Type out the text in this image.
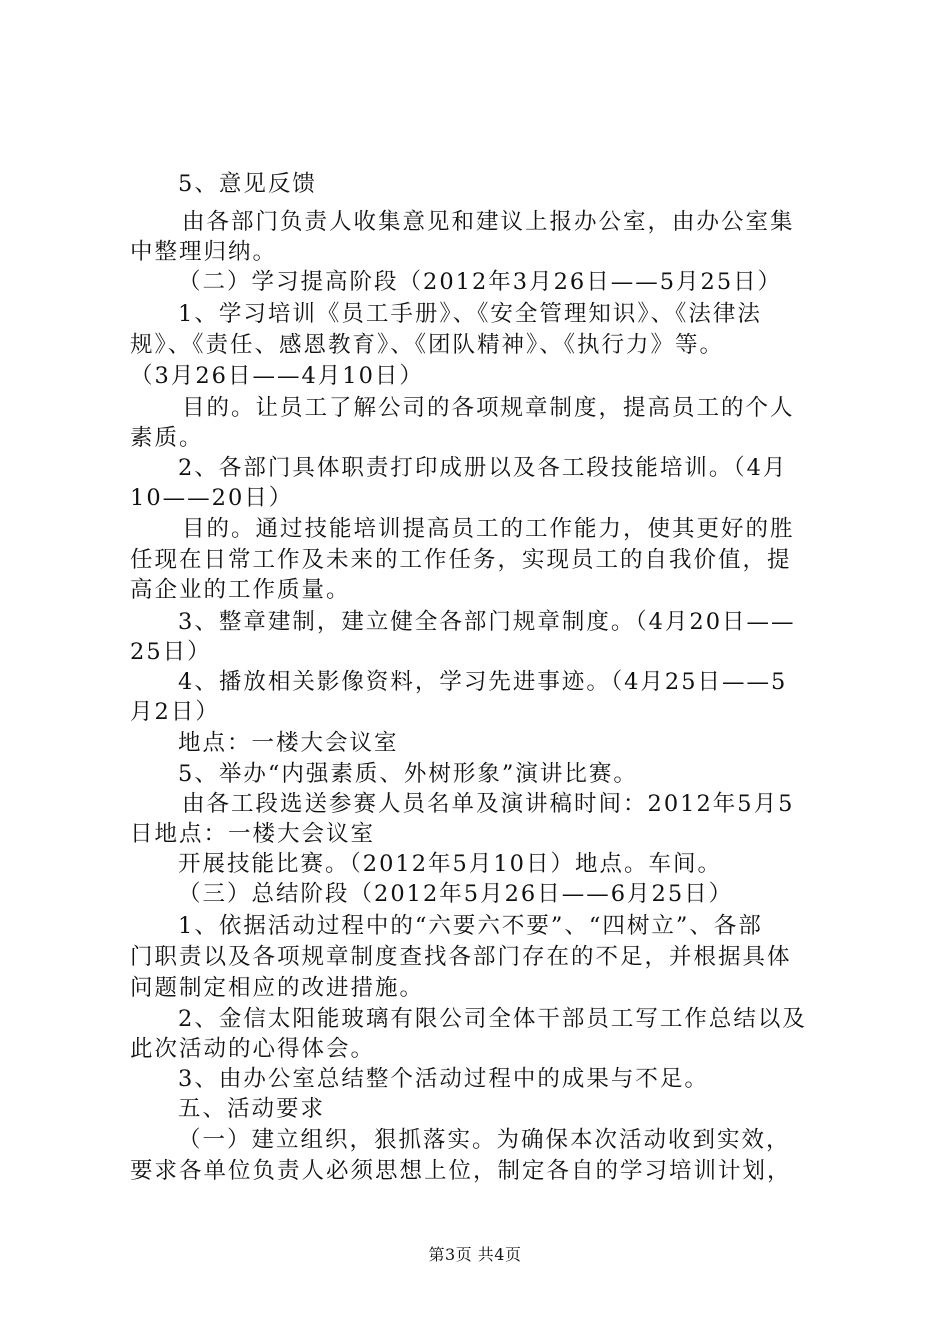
5、意见反馈
由各部门负责人收集意见和建议上报办公室，由办公室集
中整理归纳。
（二）学习提高阶段（2012年3月26日——5月25日）
1、学习培训《员工手册》、《安全管理知识》、《法律法
规》、《责任、感恩教育》、《团队精神》、《执行力》等。
（3月26日——4月10日）
目的。让员工了解公司的各项规章制度，提高员工的个人
素质。
2、各部门具体职责打印成册以及各工段技能培训。（4月
10——20日）
目的。通过技能培训提高员工的工作能力，使其更好的胜
任现在日常工作及未来的工作任务，实现员工的自我价值，提
高企业的工作质量。
3、整章建制，建立健全各部门规章制度。（4月20日——
25日）
4、播放相关影像资料，学习先进事迹。（4月25日——5
月2日）
地点：一楼大会议室
5、举办“内强素质、外树形象”演讲比赛。
由各工段选送参赛人员名单及演讲稿时间：2012年5月5
日地点：一楼大会议室
开展技能比赛。（2012年5月10日）地点。车间。
（三）总结阶段（2012年5月26日——6月25日）
1、依据活动过程中的“六要六不要”、“四树立”、各部
门职责以及各项规章制度查找各部门存在的不足，并根据具体
问题制定相应的改进措施。
2、金信太阳能玻璃有限公司全体干部员工写工作总结以及
此次活动的心得体会。
3、由办公室总结整个活动过程中的成果与不足。
五、活动要求
（一）建立组织，狠抓落实。为确保本次活动收到实效，
要求各单位负责人必须思想上位，制定各自的学习培训计划，
第3页 共4页
